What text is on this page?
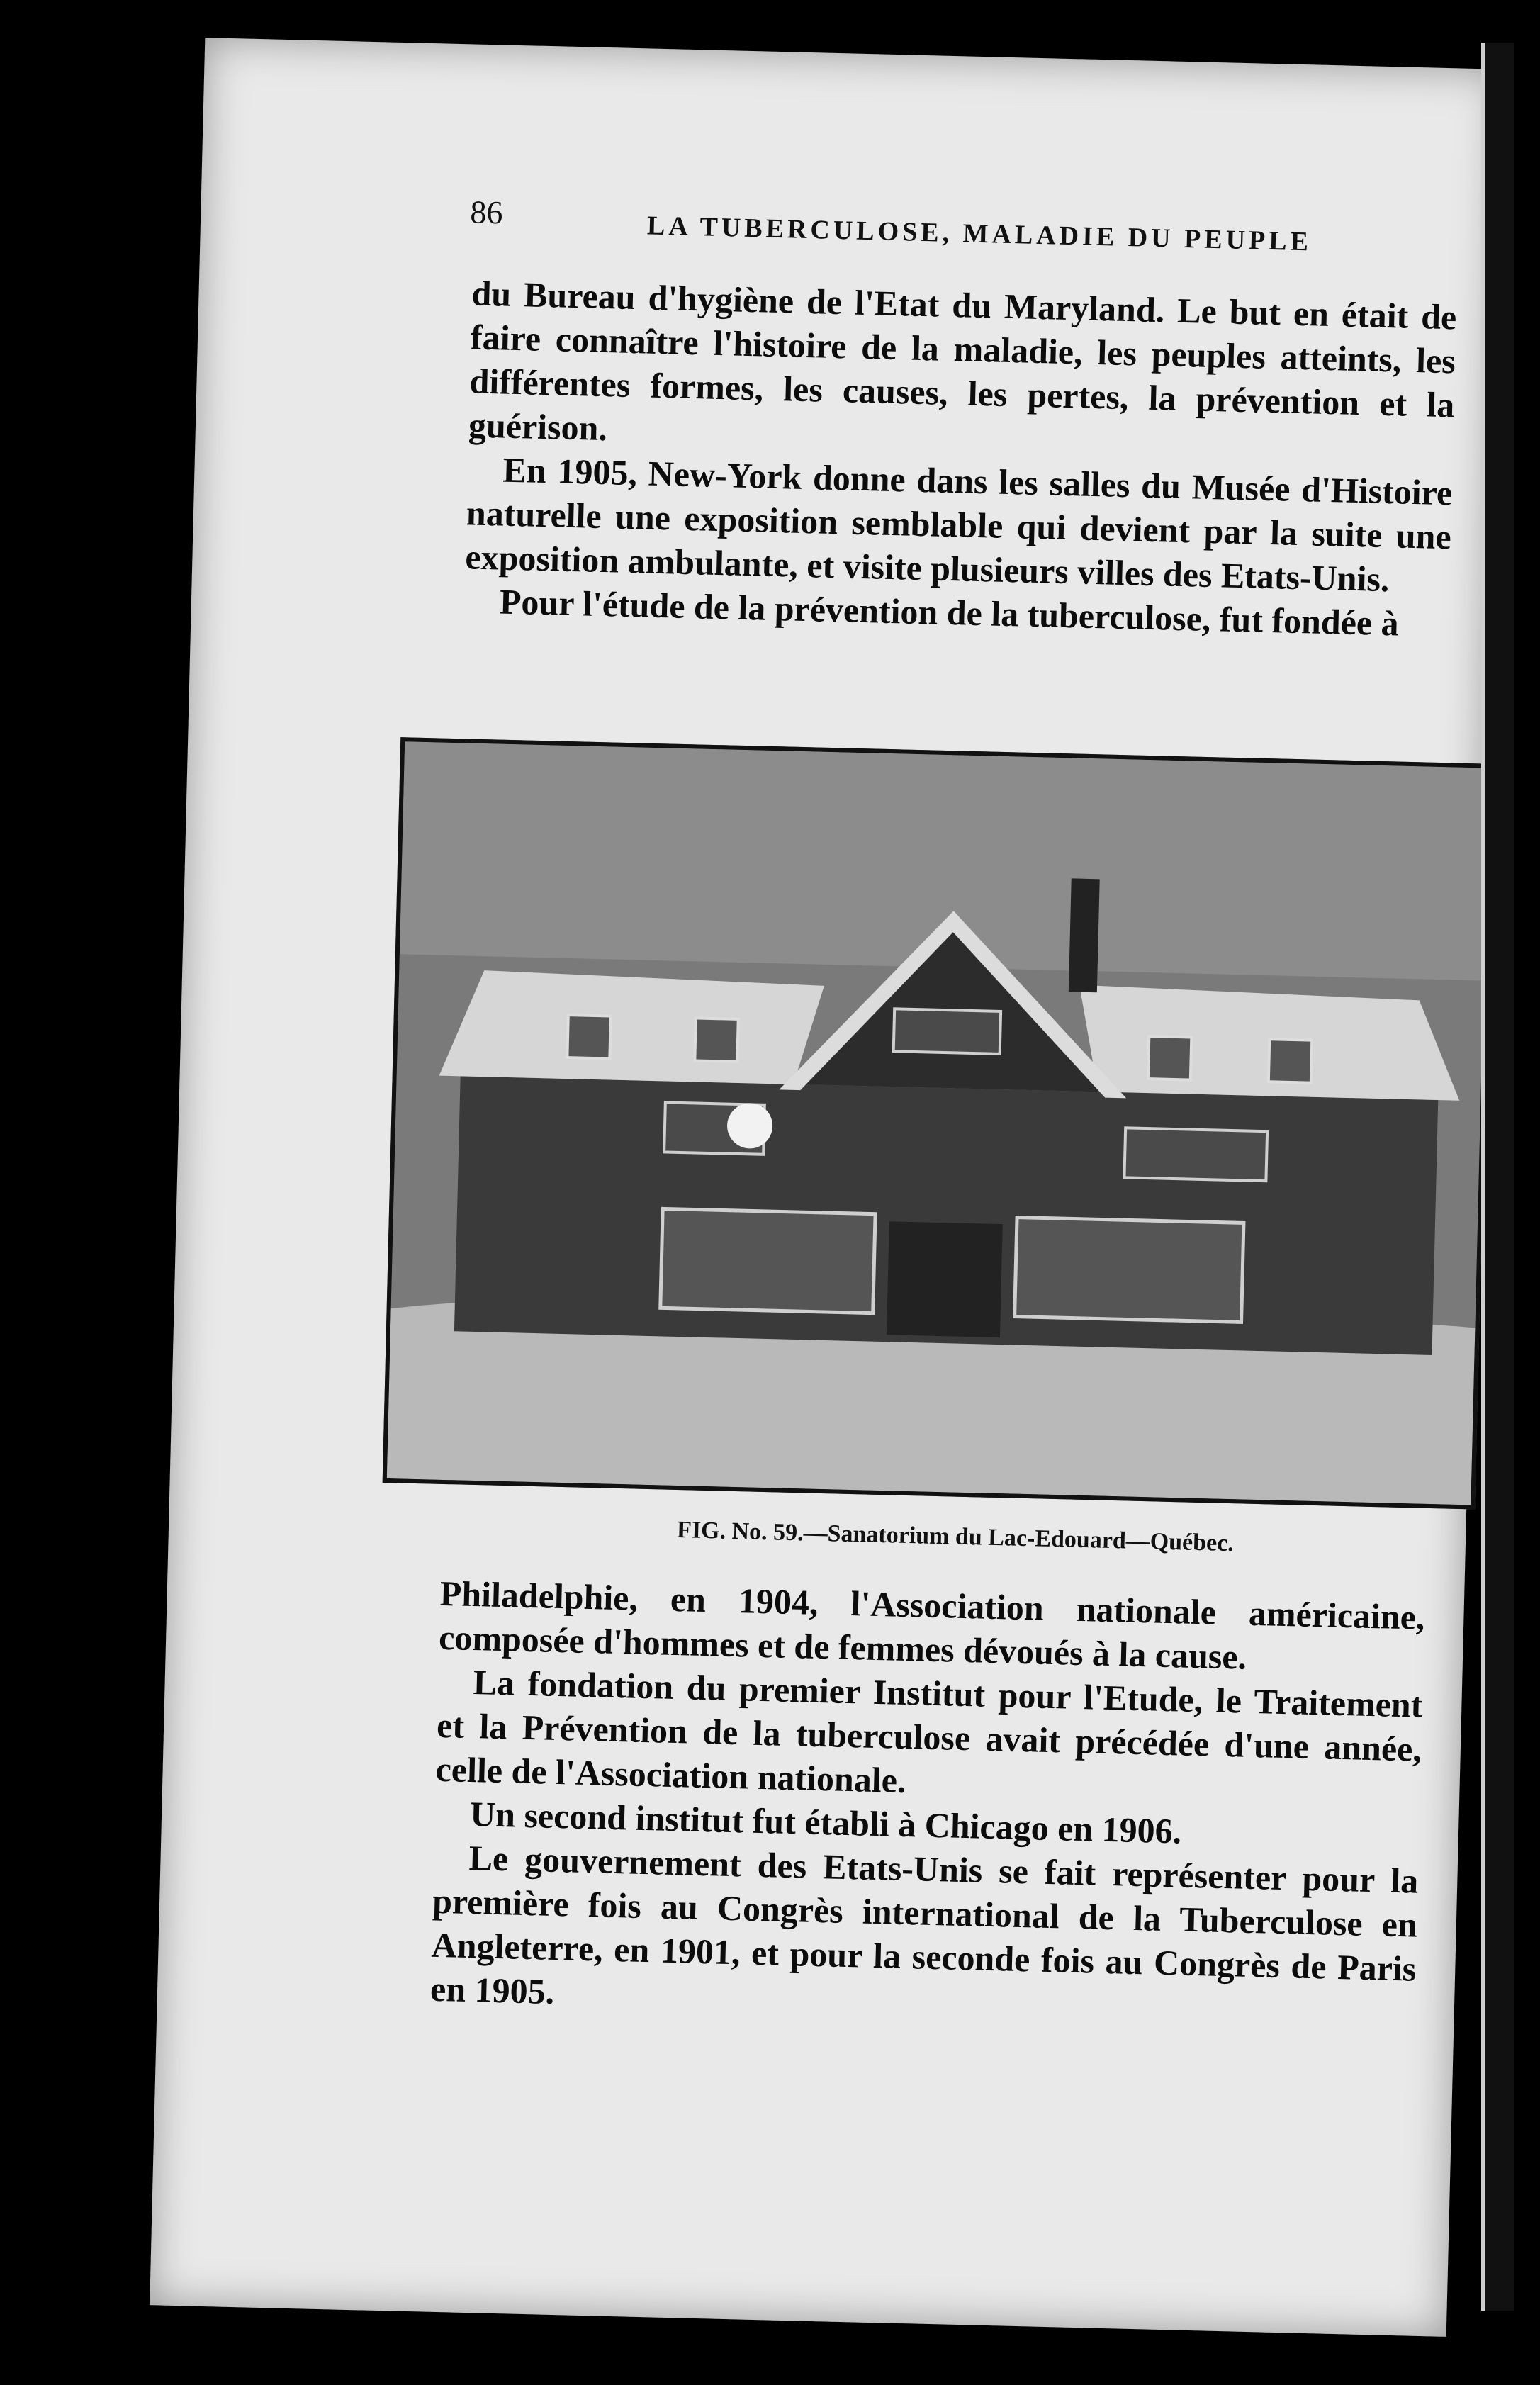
86	LA TUBERCULOSE, MALADIE DU PEUPLE

du Bureau d'hygiène de l'Etat du Maryland. Le but en était de faire connaître l'histoire de la maladie, les peuples atteints, les différentes formes, les causes, les pertes, la prévention et la guérison.

En 1905, New-York donne dans les salles du Musée d'Histoire naturelle une exposition semblable qui devient par la suite une exposition ambulante, et visite plusieurs villes des Etats-Unis.

Pour l'étude de la prévention de la tuberculose, fut fondée à

FIG. No. 59.—Sanatorium du Lac-Edouard—Québec.

Philadelphie, en 1904, l'Association nationale américaine, composée d'hommes et de femmes dévoués à la cause.

La fondation du premier Institut pour l'Etude, le Traitement et la Prévention de la tuberculose avait précédée d'une année, celle de l'Association nationale.

Un second institut fut établi à Chicago en 1906.

Le gouvernement des Etats-Unis se fait représenter pour la première fois au Congrès international de la Tuberculose en Angleterre, en 1901, et pour la seconde fois au Congrès de Paris en 1905.
